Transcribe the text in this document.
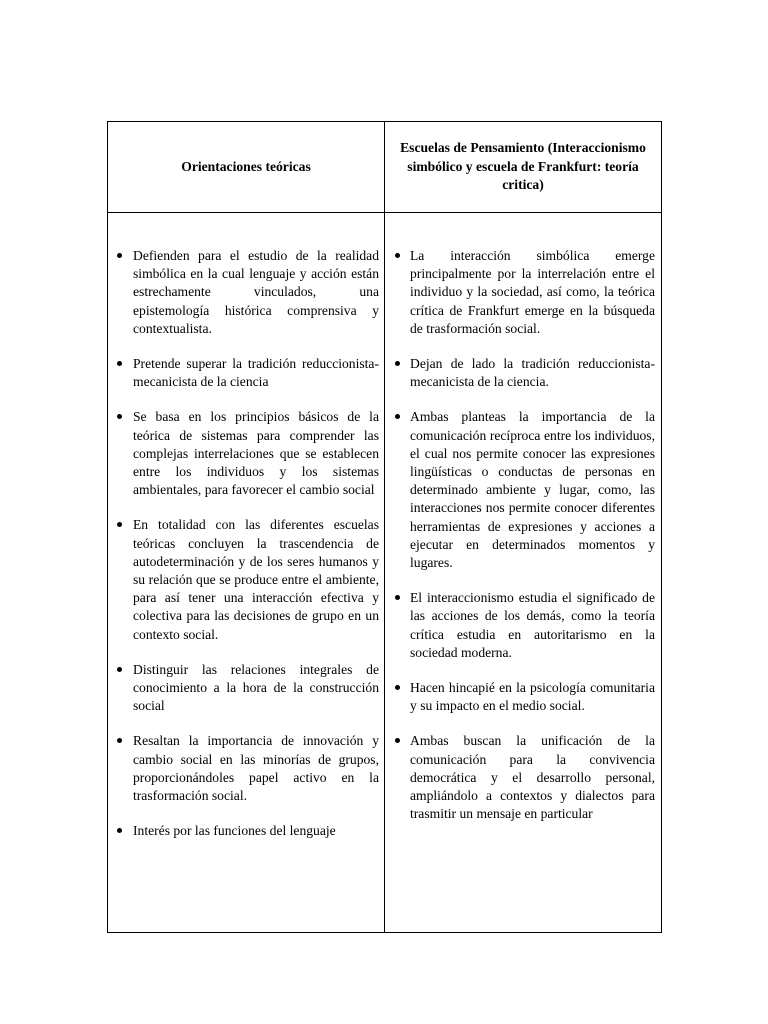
Orientaciones teóricas
Escuelas de Pensamiento (Interaccionismo simbólico y escuela de Frankfurt: teoría critica)
Defienden para el estudio de la realidad simbólica en la cual lenguaje y acción están estrechamente vinculados, una epistemología histórica comprensiva y contextualista.
Pretende superar la tradición reduccionista-mecanicista de la ciencia
Se basa en los principios básicos de la teórica de sistemas para comprender las complejas interrelaciones que se establecen entre los individuos y los sistemas ambientales, para favorecer el cambio social
En totalidad con las diferentes escuelas teóricas concluyen la trascendencia de autodeterminación y de los seres humanos y su relación que se produce entre el ambiente, para así tener una interacción efectiva y colectiva para las decisiones de grupo en un contexto social.
Distinguir las relaciones integrales de conocimiento a la hora de la construcción social
Resaltan la importancia de innovación y cambio social en las minorías de grupos, proporcionándoles papel activo en la trasformación social.
Interés por las funciones del lenguaje
La interacción simbólica emerge principalmente por la interrelación entre el individuo y la sociedad, así como, la teórica crítica de Frankfurt emerge en la búsqueda de trasformación social.
Dejan de lado la tradición reduccionista-mecanicista de la ciencia.
Ambas planteas la importancia de la comunicación recíproca entre los individuos, el cual nos permite conocer las expresiones lingüísticas o conductas de personas en determinado ambiente y lugar, como, las interacciones nos permite conocer diferentes herramientas de expresiones y acciones a ejecutar en determinados momentos y lugares.
El interaccionismo estudia el significado de las acciones de los demás, como la teoría crítica estudia en autoritarismo en la sociedad moderna.
Hacen hincapié en la psicología comunitaria y su impacto en el medio social.
Ambas buscan la unificación de la comunicación para la convivencia democrática y el desarrollo personal, ampliándolo a contextos y dialectos para trasmitir un mensaje en particular
